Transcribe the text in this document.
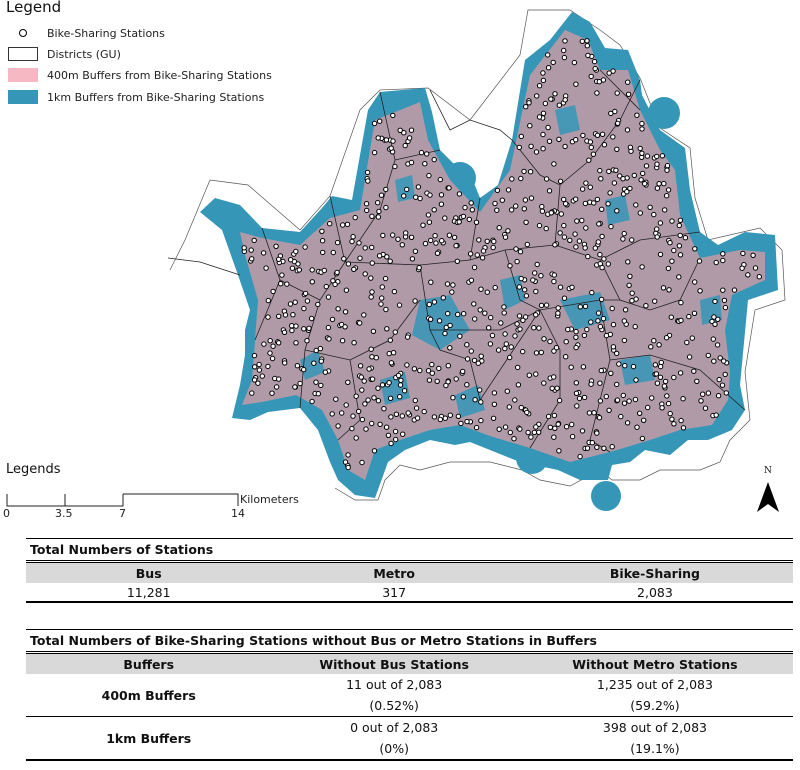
Legend
Bike-Sharing Stations
Districts (GU)
400m Buffers from Bike-Sharing Stations
1km Buffers from Bike-Sharing Stations
Legends
0	3.5	7	14
Kilometers
N
Total Numbers of Stations		
Bus	Metro	Bike-Sharing
11,281	317	2,083
Total Numbers of Bike-Sharing Stations without Bus or Metro Stations in Buffers		
Buffers	Without Bus Stations	Without Metro Stations
400m Buffers	11 out of 2,083	1,235 out of 2,083
	(0.52%)	(59.2%)
1km Buffers	0 out of 2,083	398 out of 2,083
	(0%)	(19.1%)
